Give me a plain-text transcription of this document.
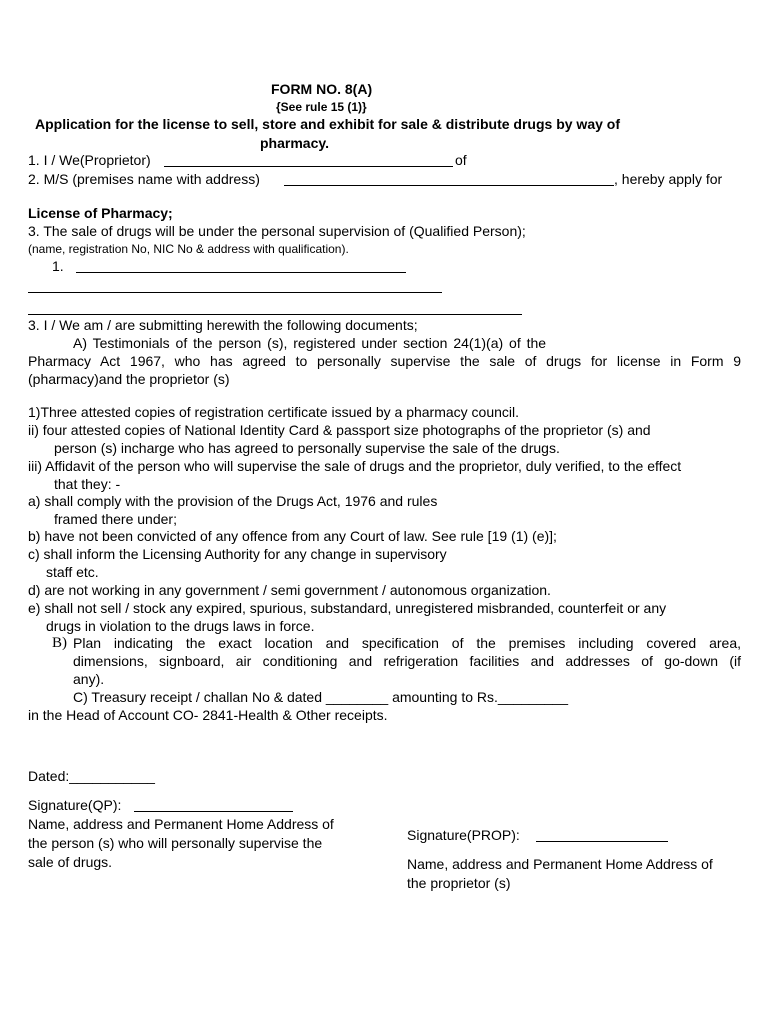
FORM NO. 8(A)
{See rule 15 (1)}
Application for the license to sell, store and exhibit for sale & distribute drugs by way of
pharmacy.
1. I / We(Proprietor)	of
2. M/S (premises name with address)	, hereby apply for
License of Pharmacy;
3. The sale of drugs will be under the personal supervision of (Qualified Person);
(name, registration No, NIC No & address with qualification).
1.
3. I / We am / are submitting herewith the following documents;
A) Testimonials of the person (s), registered under section 24(1)(a) of the
Pharmacy Act 1967, who has agreed to personally supervise the sale of drugs for license in Form 9
(pharmacy)and the proprietor (s)
1)Three attested copies of registration certificate issued by a pharmacy council.
ii) four attested copies of National Identity Card & passport size photographs of the proprietor (s) and
person (s) incharge who has agreed to personally supervise the sale of the drugs.
iii) Affidavit of the person who will supervise the sale of drugs and the proprietor, duly verified, to the effect
that they: -
a) shall comply with the provision of the Drugs Act, 1976 and rules
framed there under;
b) have not been convicted of any offence from any Court of law. See rule [19 (1) (e)];
c) shall inform the Licensing Authority for any change in supervisory
staff etc.
d) are not working in any government / semi government / autonomous organization.
e) shall not sell / stock any expired, spurious, substandard, unregistered misbranded, counterfeit or any
drugs in violation to the drugs laws in force.
B) Plan indicating the exact location and specification of the premises including covered area,
dimensions, signboard, air conditioning and refrigeration facilities and addresses of go-down (if
any).
C) Treasury receipt / challan No & dated ________ amounting to Rs._________
in the Head of Account CO- 2841-Health & Other receipts.
Dated:___________
Signature(QP):
Name, address and Permanent Home Address of
the person (s) who will personally supervise the
sale of drugs.
Signature(PROP):
Name, address and Permanent Home Address of
the proprietor (s)
